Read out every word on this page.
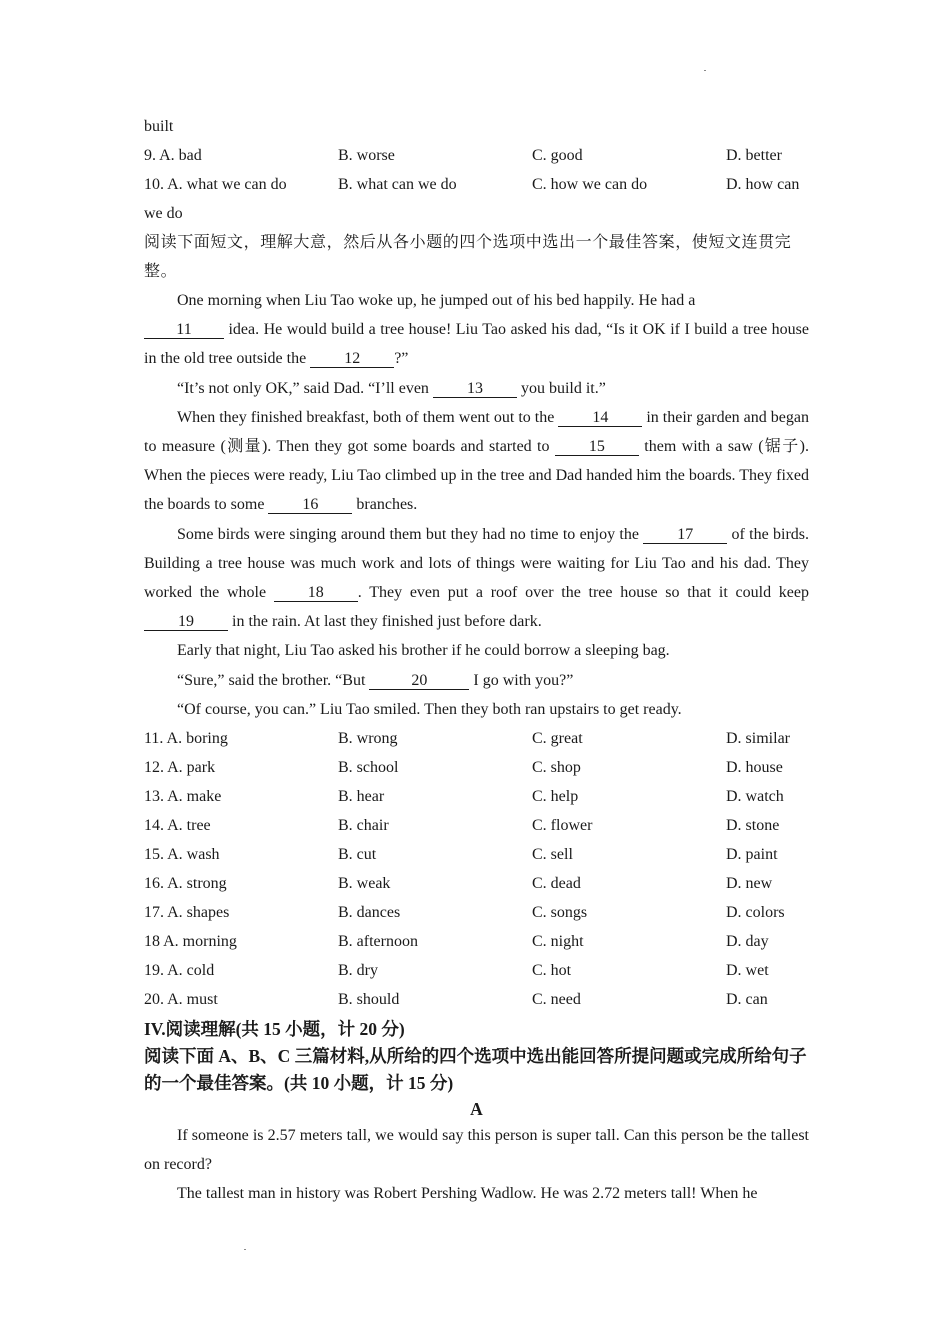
built
9. A. bad	B. worse	C. good	D. better
10. A. what we can do	B. what can we do	C. how we can do	D. how can
we do
阅读下面短文，理解大意，然后从各小题的四个选项中选出一个最佳答案，使短文连贯完整。

One morning when Liu Tao woke up, he jumped out of his bed happily. He had a
11 idea. He would build a tree house! Liu Tao asked his dad, “Is it OK if I build a tree house in the old tree outside the 12 ?”

“It’s not only OK,” said Dad. “I’ll even 13 you build it.”

When they finished breakfast, both of them went out to the 14 in their garden and began to measure (测量). Then they got some boards and started to 15 them with a saw (锯子). When the pieces were ready, Liu Tao climbed up in the tree and Dad handed him the boards. They fixed the boards to some 16 branches.

Some birds were singing around them but they had no time to enjoy the 17 of the birds. Building a tree house was much work and lots of things were waiting for Liu Tao and his dad. They worked the whole 18 . They even put a roof over the tree house so that it could keep 19 in the rain. At last they finished just before dark.

Early that night, Liu Tao asked his brother if he could borrow a sleeping bag.

“Sure,” said the brother. “But	20	I go with you?”

“Of course, you can.” Liu Tao smiled. Then they both ran upstairs to get ready.

11. A. boring	B. wrong	C. great	D. similar
12. A. park	B. school	C. shop	D. house
13. A. make	B. hear	C. help	D. watch
14. A. tree	B. chair	C. flower	D. stone
15. A. wash	B. cut	C. sell	D. paint
16. A. strong	B. weak	C. dead	D. new
17. A. shapes	B. dances	C. songs	D. colors
18 A. morning	B. afternoon	C. night	D. day
19. A. cold	B. dry	C. hot	D. wet
20. A. must	B. should	C. need	D. can
IV.阅读理解(共 15 小题，计 20 分)
阅读下面 A、B、C 三篇材料,从所给的四个选项中选出能回答所提问题或完成所给句子的一个最佳答案。(共 10 小题，计 15 分)
A

If someone is 2.57 meters tall, we would say this person is super tall. Can this person be the tallest on record?

The tallest man in history was Robert Pershing Wadlow. He was 2.72 meters tall! When he
